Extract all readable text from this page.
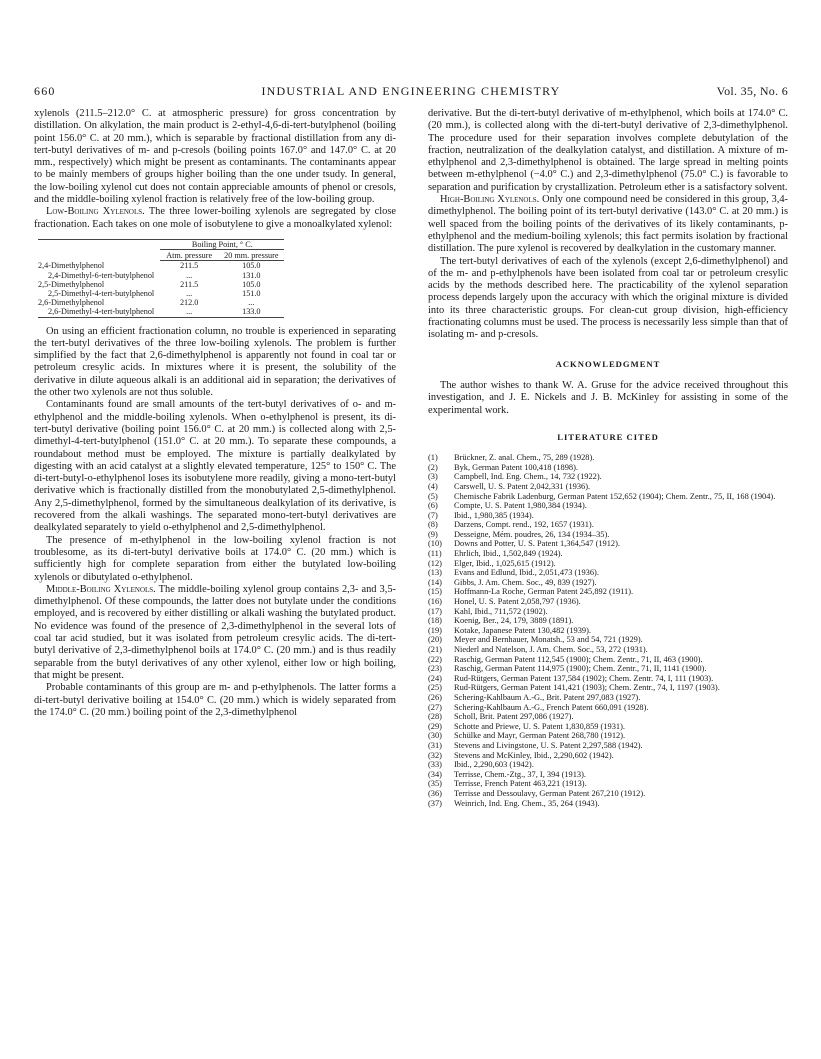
660	INDUSTRIAL AND ENGINEERING CHEMISTRY	Vol. 35, No. 6

xylenols (211.5–212.0° C. at atmospheric pressure) for gross concentration by distillation. On alkylation, the main product is 2-ethyl-4,6-di-tert-butylphenol (boiling point 156.0° C. at 20 mm.), which is separable by fractional distillation from any di-tert-butyl derivatives of m- and p-cresols (boiling points 167.0° and 147.0° C. at 20 mm., respectively) which might be present as contaminants. The contaminants appear to be mainly members of groups higher boiling than the one under tsudy. In general, the low-boiling xylenol cut does not contain appreciable amounts of phenol or cresols, and the middle-boiling xylenol fraction is relatively free of the low-boiling group.

Low-Boiling Xylenols. The three lower-boiling xylenols are segregated by close fractionation. Each takes on one mole of isobutylene to give a monoalkylated xylenol:

	Boiling Point, ° C.	
	Atm. pressure	20 mm. pressure
2,4-Dimethylphenol	211.5	105.0
2,4-Dimethyl-6-tert-butylphenol	...	131.0
2,5-Dimethylphenol	211.5	105.0
2,5-Dimethyl-4-tert-butylphenol	...	151.0
2,6-Dimethylphenol	212.0	...
2,6-Dimethyl-4-tert-butylphenol	...	133.0

On using an efficient fractionation column, no trouble is experienced in separating the tert-butyl derivatives of the three low-boiling xylenols. The problem is further simplified by the fact that 2,6-dimethylphenol is apparently not found in coal tar or petroleum cresylic acids. In mixtures where it is present, the solubility of the derivative in dilute aqueous alkali is an additional aid in separation; the derivatives of the other two xylenols are not thus soluble.

Contaminants found are small amounts of the tert-butyl derivatives of o- and m-ethylphenol and the middle-boiling xylenols. When o-ethylphenol is present, its di-tert-butyl derivative (boiling point 156.0° C. at 20 mm.) is collected along with 2,5-dimethyl-4-tert-butylphenol (151.0° C. at 20 mm.). To separate these compounds, a roundabout method must be employed. The mixture is partially dealkylated by digesting with an acid catalyst at a slightly elevated temperature, 125° to 150° C. The di-tert-butyl-o-ethylphenol loses its isobutylene more readily, giving a mono-tert-butyl derivative which is fractionally distilled from the monobutylated 2,5-dimethylphenol. Any 2,5-dimethylphenol, formed by the simultaneous dealkylation of its derivative, is recovered from the alkali washings. The separated mono-tert-butyl derivatives are dealkylated separately to yield o-ethylphenol and 2,5-dimethylphenol.

The presence of m-ethylphenol in the low-boiling xylenol fraction is not troublesome, as its di-tert-butyl derivative boils at 174.0° C. (20 mm.) which is sufficiently high for complete separation from either the butylated low-boiling xylenols or dibutylated o-ethylphenol.

Middle-Boiling Xylenols. The middle-boiling xylenol group contains 2,3- and 3,5-dimethylphenol. Of these compounds, the latter does not butylate under the conditions employed, and is recovered by either distilling or alkali washing the butylated product. No evidence was found of the presence of 2,3-dimethylphenol in the several lots of coal tar acid studied, but it was isolated from petroleum cresylic acids. The di-tert-butyl derivative of 2,3-dimethylphenol boils at 174.0° C. (20 mm.) and is thus readily separable from the butyl derivatives of any other xylenol, either low or high boiling, that might be present.

Probable contaminants of this group are m- and p-ethylphenols. The latter forms a di-tert-butyl derivative boiling at 154.0° C. (20 mm.) which is widely separated from the 174.0° C. (20 mm.) boiling point of the 2,3-dimethylphenol

derivative. But the di-tert-butyl derivative of m-ethylphenol, which boils at 174.0° C. (20 mm.), is collected along with the di-tert-butyl derivative of 2,3-dimethylphenol. The procedure used for their separation involves complete debutylation of the fraction, neutralization of the dealkylation catalyst, and distillation. A mixture of m-ethylphenol and 2,3-dimethylphenol is obtained. The large spread in melting points between m-ethylphenol (−4.0° C.) and 2,3-dimethylphenol (75.0° C.) is favorable to separation and purification by crystallization. Petroleum ether is a satisfactory solvent.

High-Boiling Xylenols. Only one compound need be considered in this group, 3,4-dimethylphenol. The boiling point of its tert-butyl derivative (143.0° C. at 20 mm.) is well spaced from the boiling points of the derivatives of its likely contaminants, p-ethylphenol and the medium-boiling xylenols; this fact permits isolation by fractional distillation. The pure xylenol is recovered by dealkylation in the customary manner.

The tert-butyl derivatives of each of the xylenols (except 2,6-dimethylphenol) and of the m- and p-ethylphenols have been isolated from coal tar or petroleum cresylic acids by the methods described here. The practicability of the xylenol separation process depends largely upon the accuracy with which the original mixture is divided into its three characteristic groups. For clean-cut group division, high-efficiency fractionating columns must be used. The process is necessarily less simple than that of isolating m- and p-cresols.

ACKNOWLEDGMENT

The author wishes to thank W. A. Gruse for the advice received throughout this investigation, and J. E. Nickels and J. B. McKinley for assisting in some of the experimental work.

LITERATURE CITED
(1) Brückner, Z. anal. Chem., 75, 289 (1928).
(2) Byk, German Patent 100,418 (1898).
(3) Campbell, Ind. Eng. Chem., 14, 732 (1922).
(4) Carswell, U. S. Patent 2,042,331 (1936).
(5) Chemische Fabrik Ladenburg, German Patent 152,652 (1904); Chem. Zentr., 75, II, 168 (1904).
(6) Compte, U. S. Patent 1,980,384 (1934).
(7) Ibid., 1,980,385 (1934).
(8) Darzens, Compt. rend., 192, 1657 (1931).
(9) Desseigne, Mém. poudres, 26, 134 (1934–35).
(10) Downs and Potter, U. S. Patent 1,364,547 (1912).
(11) Ehrlich, Ibid., 1,502,849 (1924).
(12) Elger, Ibid., 1,025,615 (1912).
(13) Evans and Edlund, Ibid., 2,051,473 (1936).
(14) Gibbs, J. Am. Chem. Soc., 49, 839 (1927).
(15) Hoffmann-La Roche, German Patent 245,892 (1911).
(16) Honel, U. S. Patent 2,058,797 (1936).
(17) Kahl, Ibid., 711,572 (1902).
(18) Koenig, Ber., 24, 179, 3889 (1891).
(19) Kotake, Japanese Patent 130,482 (1939).
(20) Meyer and Bernhauer, Monatsh., 53 and 54, 721 (1929).
(21) Niederl and Natelson, J. Am. Chem. Soc., 53, 272 (1931).
(22) Raschig, German Patent 112,545 (1900); Chem. Zentr., 71, II, 463 (1900).
(23) Raschig, German Patent 114,975 (1900); Chem. Zentr., 71, II, 1141 (1900).
(24) Rud-Rütgers, German Patent 137,584 (1902); Chem. Zentr. 74, I, 111 (1903).
(25) Rud-Rütgers, German Patent 141,421 (1903); Chem. Zentr., 74, I, 1197 (1903).
(26) Schering-Kahlbaum A.-G., Brit. Patent 297,083 (1927).
(27) Schering-Kahlbaum A.-G., French Patent 660,091 (1928).
(28) Scholl, Brit. Patent 297,086 (1927).
(29) Schotte and Priewe, U. S. Patent 1,830,859 (1931).
(30) Schülke and Mayr, German Patent 268,780 (1912).
(31) Stevens and Livingstone, U. S. Patent 2,297,588 (1942).
(32) Stevens and McKinley, Ibid., 2,290,602 (1942).
(33) Ibid., 2,290,603 (1942).
(34) Terrisse, Chem.-Ztg., 37, I, 394 (1913).
(35) Terrisse, French Patent 463,221 (1913).
(36) Terrisse and Dessoulavy, German Patent 267,210 (1912).
(37) Weinrich, Ind. Eng. Chem., 35, 264 (1943).
